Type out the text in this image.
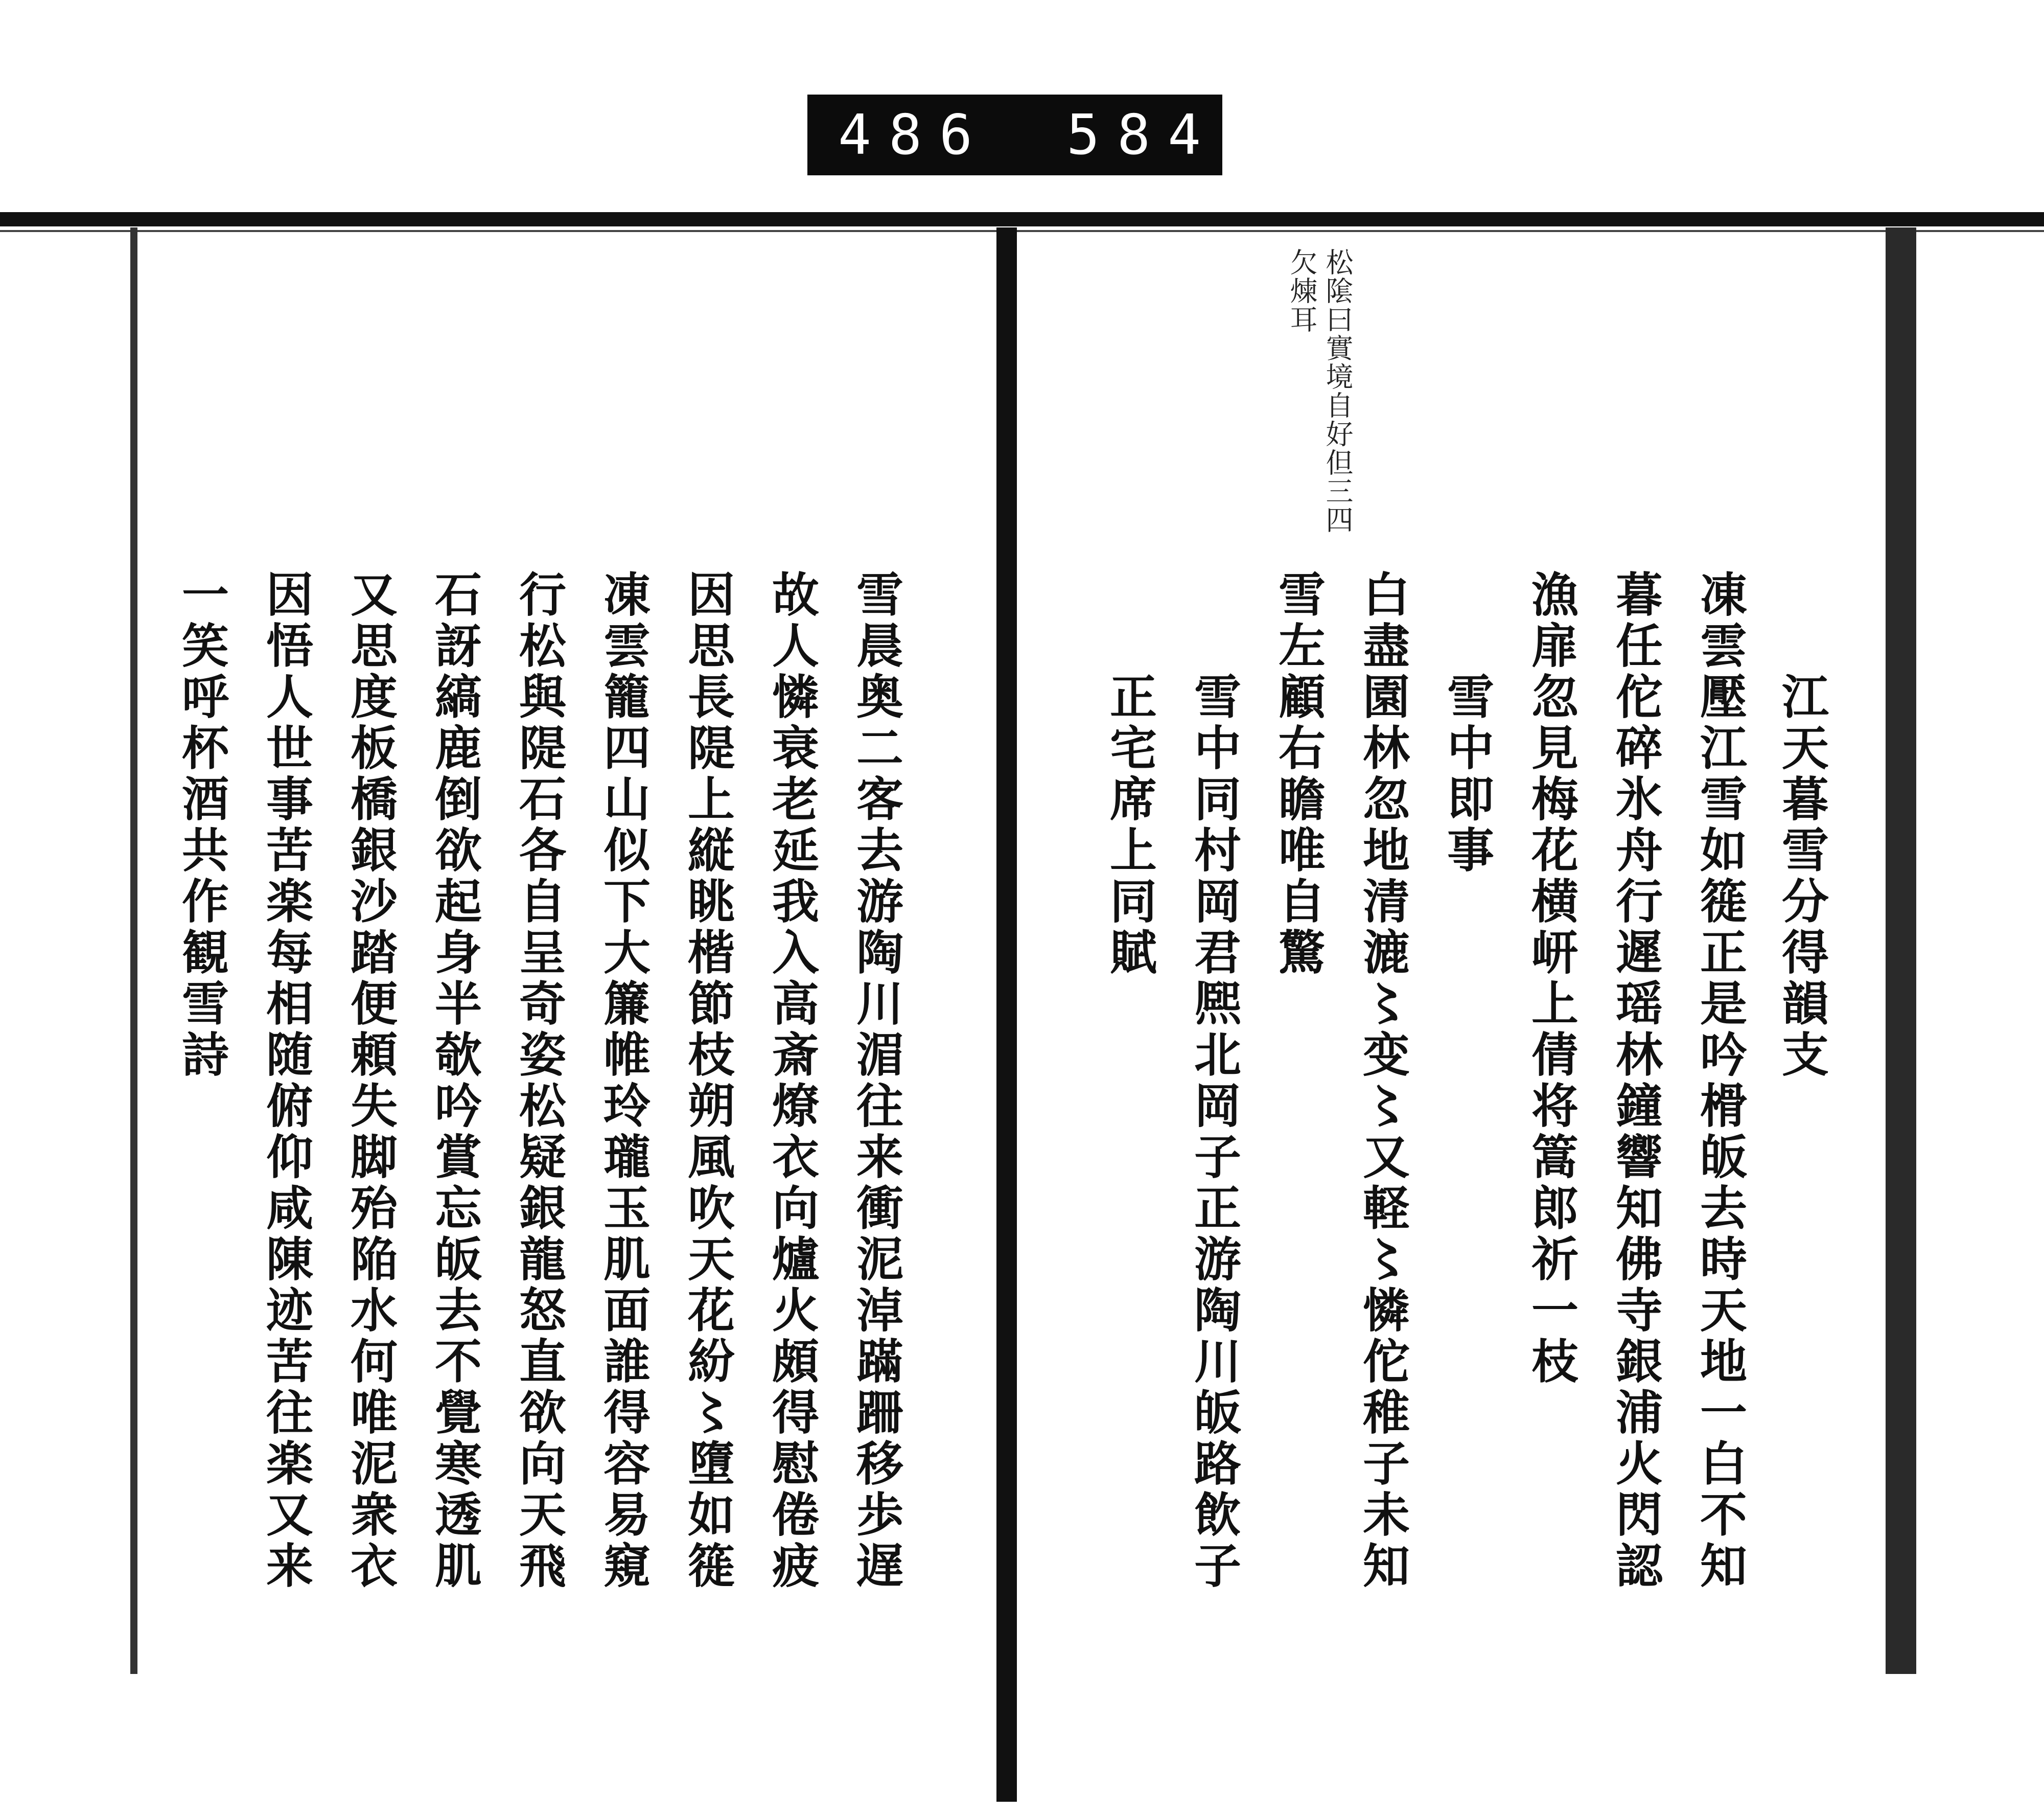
486 584.
雪晨奥二客去游陶川湄往来衝泥淖蹣跚移歩遅
故人憐衰老延我入高斎燎衣向爐火頗得慰倦疲
因思長隄上縦眺楷節枝朔風吹天花紛〻墮如簁
凍雲籠四山似下大簾帷玲瓏玉肌面誰得容易窺
行松與隄石各自呈奇姿松疑銀龍怒直欲向天飛
石訝縞鹿倒欲起身半欹吟賞忘皈去不覺寒透肌
又思度板橋銀沙踏便頼失脚殆陥水何唯泥衆衣
因悟人世事苦楽每相随俯仰咸陳迹苦往楽又来
一笑呼杯酒共作観雪詩
松隂曰實境自好但三四
欠煉耳
江天暮雪分得韻支
凍雲壓江雪如簁正是吟榾皈去時天地一白不知
暮任佗碎氷舟行遲瑶林鐘響知佛寺銀浦火閃認
漁扉忽見梅花横岍上倩将篙郎祈一枝
雪中即事
白盡園林忽地清漉〻变〻又軽〻憐佗稚子未知
雪左顧右瞻唯自驚
雪中同村岡君熈北岡子正游陶川皈路飲子
正宅席上同賦
